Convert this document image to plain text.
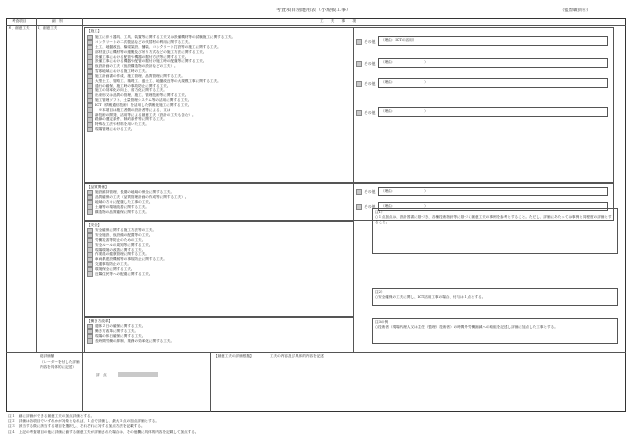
考査項目別運用表（小規模工事）	（監督職員⑥）
考査項目	細　別	工　　夫　　事　　項
８．創意工夫 Ⅰ．創意工夫
【施工】
施工に伴う器具、工具、装置等に関する工夫又は設備機材等の試験施工に関する工夫。
コンクリートの二次製品などの代替材の利用に関する工夫。
土工、地盤改良、橋梁架設、舗装、コンクリート打設等の施工に関する工夫。
部材並びに機材等の運搬及び吊り方式などの施工方法に関する工夫。
設備工事における配管や機器の据付方法等に関する工夫。
設備工事における機器や配管の据付け施工時の配慮等に関する工夫。
仮設計画の工夫（仮設構造物の設計などの工夫）。
雪寒地域における施工時の工夫。
施工計画書の作成、施工管理、品質管理に関する工夫。
大型土工、管路工、築堤工、盛土工、地盤改良等の大規模工事に関する工夫。
通行の確保、施工時の事故防止に関する工夫。
施工の効率化の向上、省力化に関する工夫。
出来形又は品質の管理、施工、管理技術等に関する工夫。
施工管理ソフト、土量管理システム等の活用に関する工夫。
ICT（情報通信技術）を活用した情報化施工に関する工夫。
　※本項目は施工者側の設計者等による、又は
新技術の開発、活用等による創意工夫（設計の工夫も含む）。
路線の選定条件、制約条件等に関する工夫。
特殊な工法や材料を用いた工夫。
現場管理における工夫。
その他
その他
その他
その他
（理由：ICTの活用）
（理由：　　　　　　　　）
（理由：　　　　　　　　）
（理由：　　　　　　　　）
【品質関係】
施設維持管理、長期の地域の保全に関する工夫。
品質確保の工夫（品質管理計画の作成等に関する工夫）。
地域の方々に配慮した工事の工夫。
土壌等の環境改善に関する工夫。
構造物の品質確保に関する工夫。
その他
その他
（理由：　　　　　　　　）
（理由：　　　　　　　　）
【安全】
安全確保に関する施工方法等の工夫。
安全施設、仮設備の配置等の工夫。
労働災害等防止のための工夫。
安全ルールの周知等に関する工夫。
現場環境の改善に関する工夫。
作業員の健康管理に関する工夫。
車両系建設機械等の事故防止に関する工夫。
交通事故防止の工夫。
環境保全に関する工夫。
近隣住民等への配慮に関する工夫。
【働き方改革】
週休２日の確保に関する工夫。
働き方改革に関する工夫。
現場の休日確保に関する工夫。
長時間労働の抑制、業務の効率化に関する工夫。
注1）
○１点加点は、設計図書に基づき、各種技術指針等に基づく創意工夫の事例を参考とすること。ただし、評価にあたっては事例と同程度の評価とすること。
注2）
○安全確保の工夫に関し、ICT活用工事の場合、付与は１点とする。
注3の例
○技術者（現場代理人又は主任（監理）技術者）の時間外労働縮減への取組を記述し評価に加点した工事とする。
総評価額
（レーダーを付した評価内容を具体的に記述）
評　点
【創意工夫の評価根拠】	工夫の内容及び具体的内容を記述
注１　細に評価ができる創意工夫の加点評価とする。
注２　評価は各項目でいずれかが対象となれば、１点で評価し、最大５点の加点評価とする。
注３　該当する微に該当する項目を選択し、それぞれに対する加点方法を記載する。
注４　上記の考査項目の他に評価に値する創意工夫が評価された場合は、その他欄に具体的内容を記載して加点する。
